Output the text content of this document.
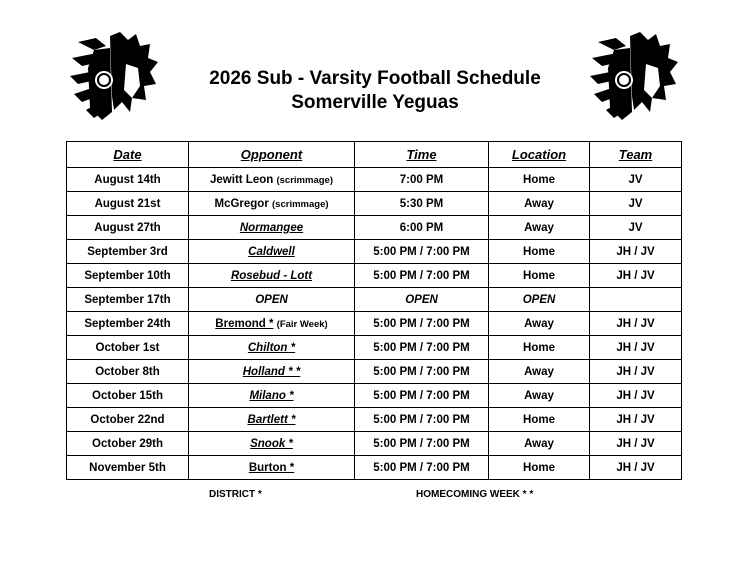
2026 Sub - Varsity Football Schedule
Somerville Yeguas
Date	Opponent	Time	Location	Team
August 14th	Jewitt Leon (scrimmage)	7:00 PM	Home	JV
August 21st	McGregor (scrimmage)	5:30 PM	Away	JV
August 27th	Normangee	6:00 PM	Away	JV
September 3rd	Caldwell	5:00 PM / 7:00 PM	Home	JH / JV
September 10th	Rosebud - Lott	5:00 PM / 7:00 PM	Home	JH / JV
September 17th	OPEN	OPEN	OPEN	
September 24th	Bremond * (Fair Week)	5:00 PM / 7:00 PM	Away	JH / JV
October 1st	Chilton *	5:00 PM / 7:00 PM	Home	JH / JV
October 8th	Holland * *	5:00 PM / 7:00 PM	Away	JH / JV
October 15th	Milano *	5:00 PM / 7:00 PM	Away	JH / JV
October 22nd	Bartlett *	5:00 PM / 7:00 PM	Home	JH / JV
October 29th	Snook *	5:00 PM / 7:00 PM	Away	JH / JV
November 5th	Burton *	5:00 PM / 7:00 PM	Home	JH / JV
DISTRICT *	HOMECOMING WEEK * *
